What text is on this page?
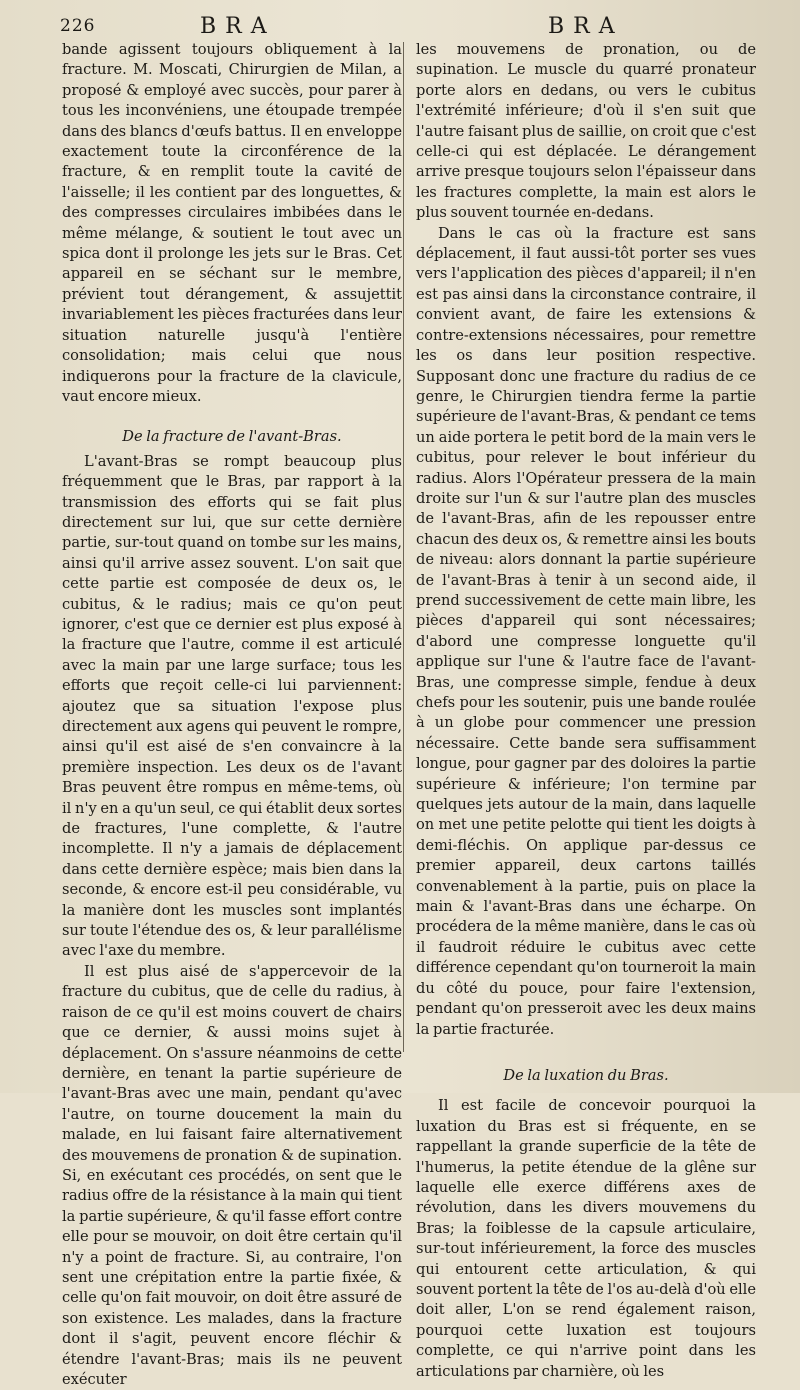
226	BRA	BRA

bande agissent toujours obliquement à la fracture. M. Moscati, Chirurgien de Milan, a proposé & employé avec succès, pour parer à tous les inconvéniens, une étoupade trempée dans des blancs d'œufs battus. Il en enveloppe exactement toute la circonférence de la fracture, & en remplit toute la cavité de l'aisselle; il les contient par des longuettes, & des compresses circulaires imbibées dans le même mélange, & soutient le tout avec un spica dont il prolonge les jets sur le Bras. Cet appareil en se séchant sur le membre, prévient tout dérangement, & assujettit invariablement les pièces fracturées dans leur situation naturelle jusqu'à l'entière consolidation; mais celui que nous indiquerons pour la fracture de la clavicule, vaut encore mieux.

De la fracture de l'avant-Bras.

L'avant-Bras se rompt beaucoup plus fréquemment que le Bras, par rapport à la transmission des efforts qui se fait plus directement sur lui, que sur cette dernière partie, sur-tout quand on tombe sur les mains, ainsi qu'il arrive assez souvent. L'on sait que cette partie est composée de deux os, le cubitus, & le radius; mais ce qu'on peut ignorer, c'est que ce dernier est plus exposé à la fracture que l'autre, comme il est articulé avec la main par une large surface; tous les efforts que reçoit celle-ci lui parviennent: ajoutez que sa situation l'expose plus directement aux agens qui peuvent le rompre, ainsi qu'il est aisé de s'en convaincre à la première inspection. Les deux os de l'avant Bras peuvent être rompus en même-tems, où il n'y en a qu'un seul, ce qui établit deux sortes de fractures, l'une complette, & l'autre incomplette. Il n'y a jamais de déplacement dans cette dernière espèce; mais bien dans la seconde, & encore est-il peu considérable, vu la manière dont les muscles sont implantés sur toute l'étendue des os, & leur parallélisme avec l'axe du membre.

Il est plus aisé de s'appercevoir de la fracture du cubitus, que de celle du radius, à raison de ce qu'il est moins couvert de chairs que ce dernier, & aussi moins sujet à déplacement. On s'assure néanmoins de cette dernière, en tenant la partie supérieure de l'avant-Bras avec une main, pendant qu'avec l'autre, on tourne doucement la main du malade, en lui faisant faire alternativement des mouvemens de pronation & de supination. Si, en exécutant ces procédés, on sent que le radius offre de la résistance à la main qui tient la partie supérieure, & qu'il fasse effort contre elle pour se mouvoir, on doit être certain qu'il n'y a point de fracture. Si, au contraire, l'on sent une crépitation entre la partie fixée, & celle qu'on fait mouvoir, on doit être assuré de son existence. Les malades, dans la fracture dont il s'agit, peuvent encore fléchir & étendre l'avant-Bras; mais ils ne peuvent exécuter

les mouvemens de pronation, ou de supination. Le muscle du quarré pronateur porte alors en dedans, ou vers le cubitus l'extrémité inférieure; d'où il s'en suit que l'autre faisant plus de saillie, on croit que c'est celle-ci qui est déplacée. Le dérangement arrive presque toujours selon l'épaisseur dans les fractures complette, la main est alors le plus souvent tournée en-dedans.

Dans le cas où la fracture est sans déplacement, il faut aussi-tôt porter ses vues vers l'application des pièces d'appareil; il n'en est pas ainsi dans la circonstance contraire, il convient avant, de faire les extensions & contre-extensions nécessaires, pour remettre les os dans leur position respective. Supposant donc une fracture du radius de ce genre, le Chirurgien tiendra ferme la partie supérieure de l'avant-Bras, & pendant ce tems un aide portera le petit bord de la main vers le cubitus, pour relever le bout inférieur du radius. Alors l'Opérateur pressera de la main droite sur l'un & sur l'autre plan des muscles de l'avant-Bras, afin de les repousser entre chacun des deux os, & remettre ainsi les bouts de niveau: alors donnant la partie supérieure de l'avant-Bras à tenir à un second aide, il prend successivement de cette main libre, les pièces d'appareil qui sont nécessaires; d'abord une compresse longuette qu'il applique sur l'une & l'autre face de l'avant-Bras, une compresse simple, fendue à deux chefs pour les soutenir, puis une bande roulée à un globe pour commencer une pression nécessaire. Cette bande sera suffisamment longue, pour gagner par des doloires la partie supérieure & inférieure; l'on termine par quelques jets autour de la main, dans laquelle on met une petite pelotte qui tient les doigts à demi-fléchis. On applique par-dessus ce premier appareil, deux cartons taillés convenablement à la partie, puis on place la main & l'avant-Bras dans une écharpe. On procédera de la même manière, dans le cas où il faudroit réduire le cubitus avec cette différence cependant qu'on tourneroit la main du côté du pouce, pour faire l'extension, pendant qu'on presseroit avec les deux mains la partie fracturée.

De la luxation du Bras.

Il est facile de concevoir pourquoi la luxation du Bras est si fréquente, en se rappellant la grande superficie de la tête de l'humerus, la petite étendue de la glêne sur laquelle elle exerce différens axes de révolution, dans les divers mouvemens du Bras; la foiblesse de la capsule articulaire, sur-tout inférieurement, la force des muscles qui entourent cette articulation, & qui souvent portent la tête de l'os au-delà d'où elle doit aller, L'on se rend également raison, pourquoi cette luxation est toujours complette, ce qui n'arrive point dans les articulations par charnière, où les
